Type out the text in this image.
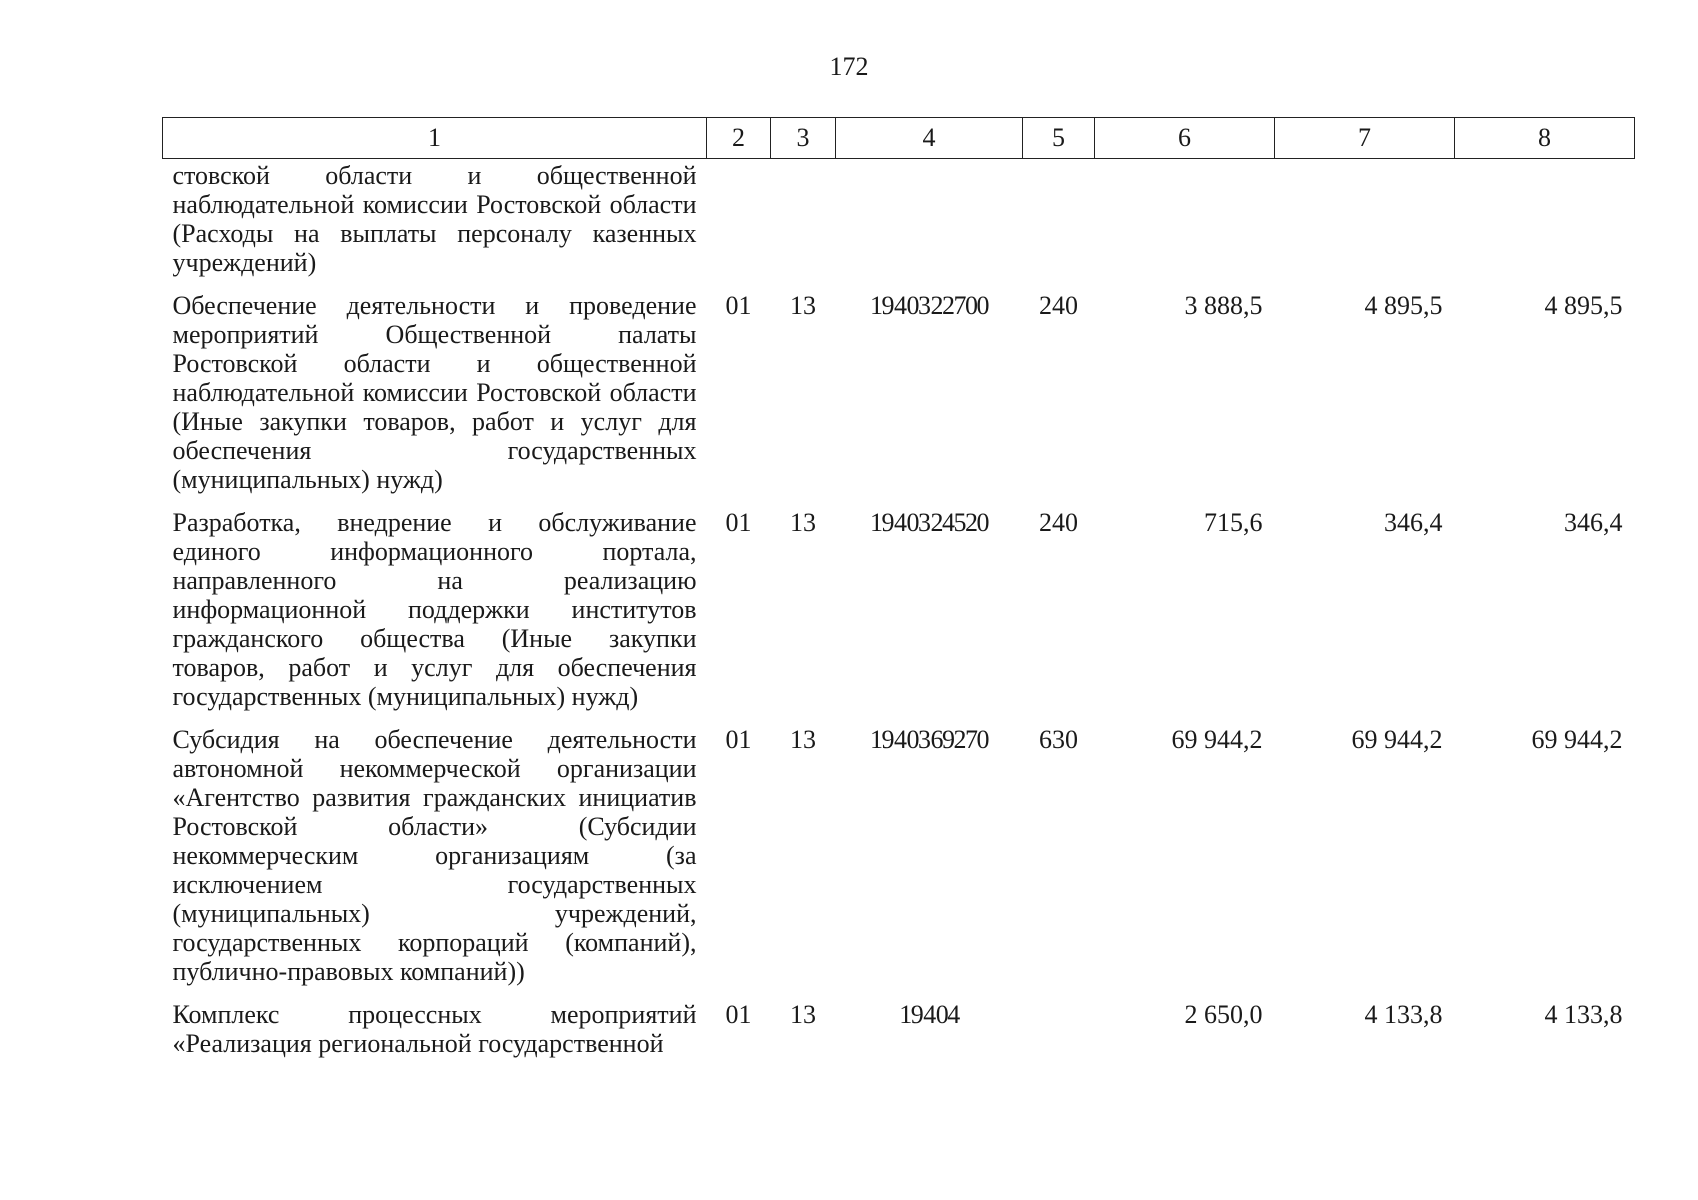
172
1	2	3	4	5	6	7	8
стовской области и общественной наблюдательной комиссии Ростовской области (Расходы на выплаты персоналу казенных учреждений)							
Обеспечение деятельности и проведение мероприятий Общественной палаты Ростовской области и общественной наблюдательной комиссии Ростовской области (Иные закупки товаров, работ и услуг для обеспечения государственных (муниципальных) нужд)	01	13	19 4 03 22700	240	3 888,5	4 895,5	4 895,5
Разработка, внедрение и обслуживание единого информационного портала, направленного на реализацию информационной поддержки институтов гражданского общества (Иные закупки товаров, работ и услуг для обеспечения государственных (муниципальных) нужд)	01	13	19 4 03 24520	240	715,6	346,4	346,4
Субсидия на обеспечение деятельности автономной некоммерческой организации «Агентство развития гражданских инициатив Ростовской области» (Субсидии некоммерческим организациям (за исключением государственных (муниципальных) учреждений, государственных корпораций (компаний), публично-правовых компаний))	01	13	19 4 03 69270	630	69 944,2	69 944,2	69 944,2
Комплекс процессных мероприятий «Реализация региональной государственной	01	13	19 4 04		2 650,0	4 133,8	4 133,8
